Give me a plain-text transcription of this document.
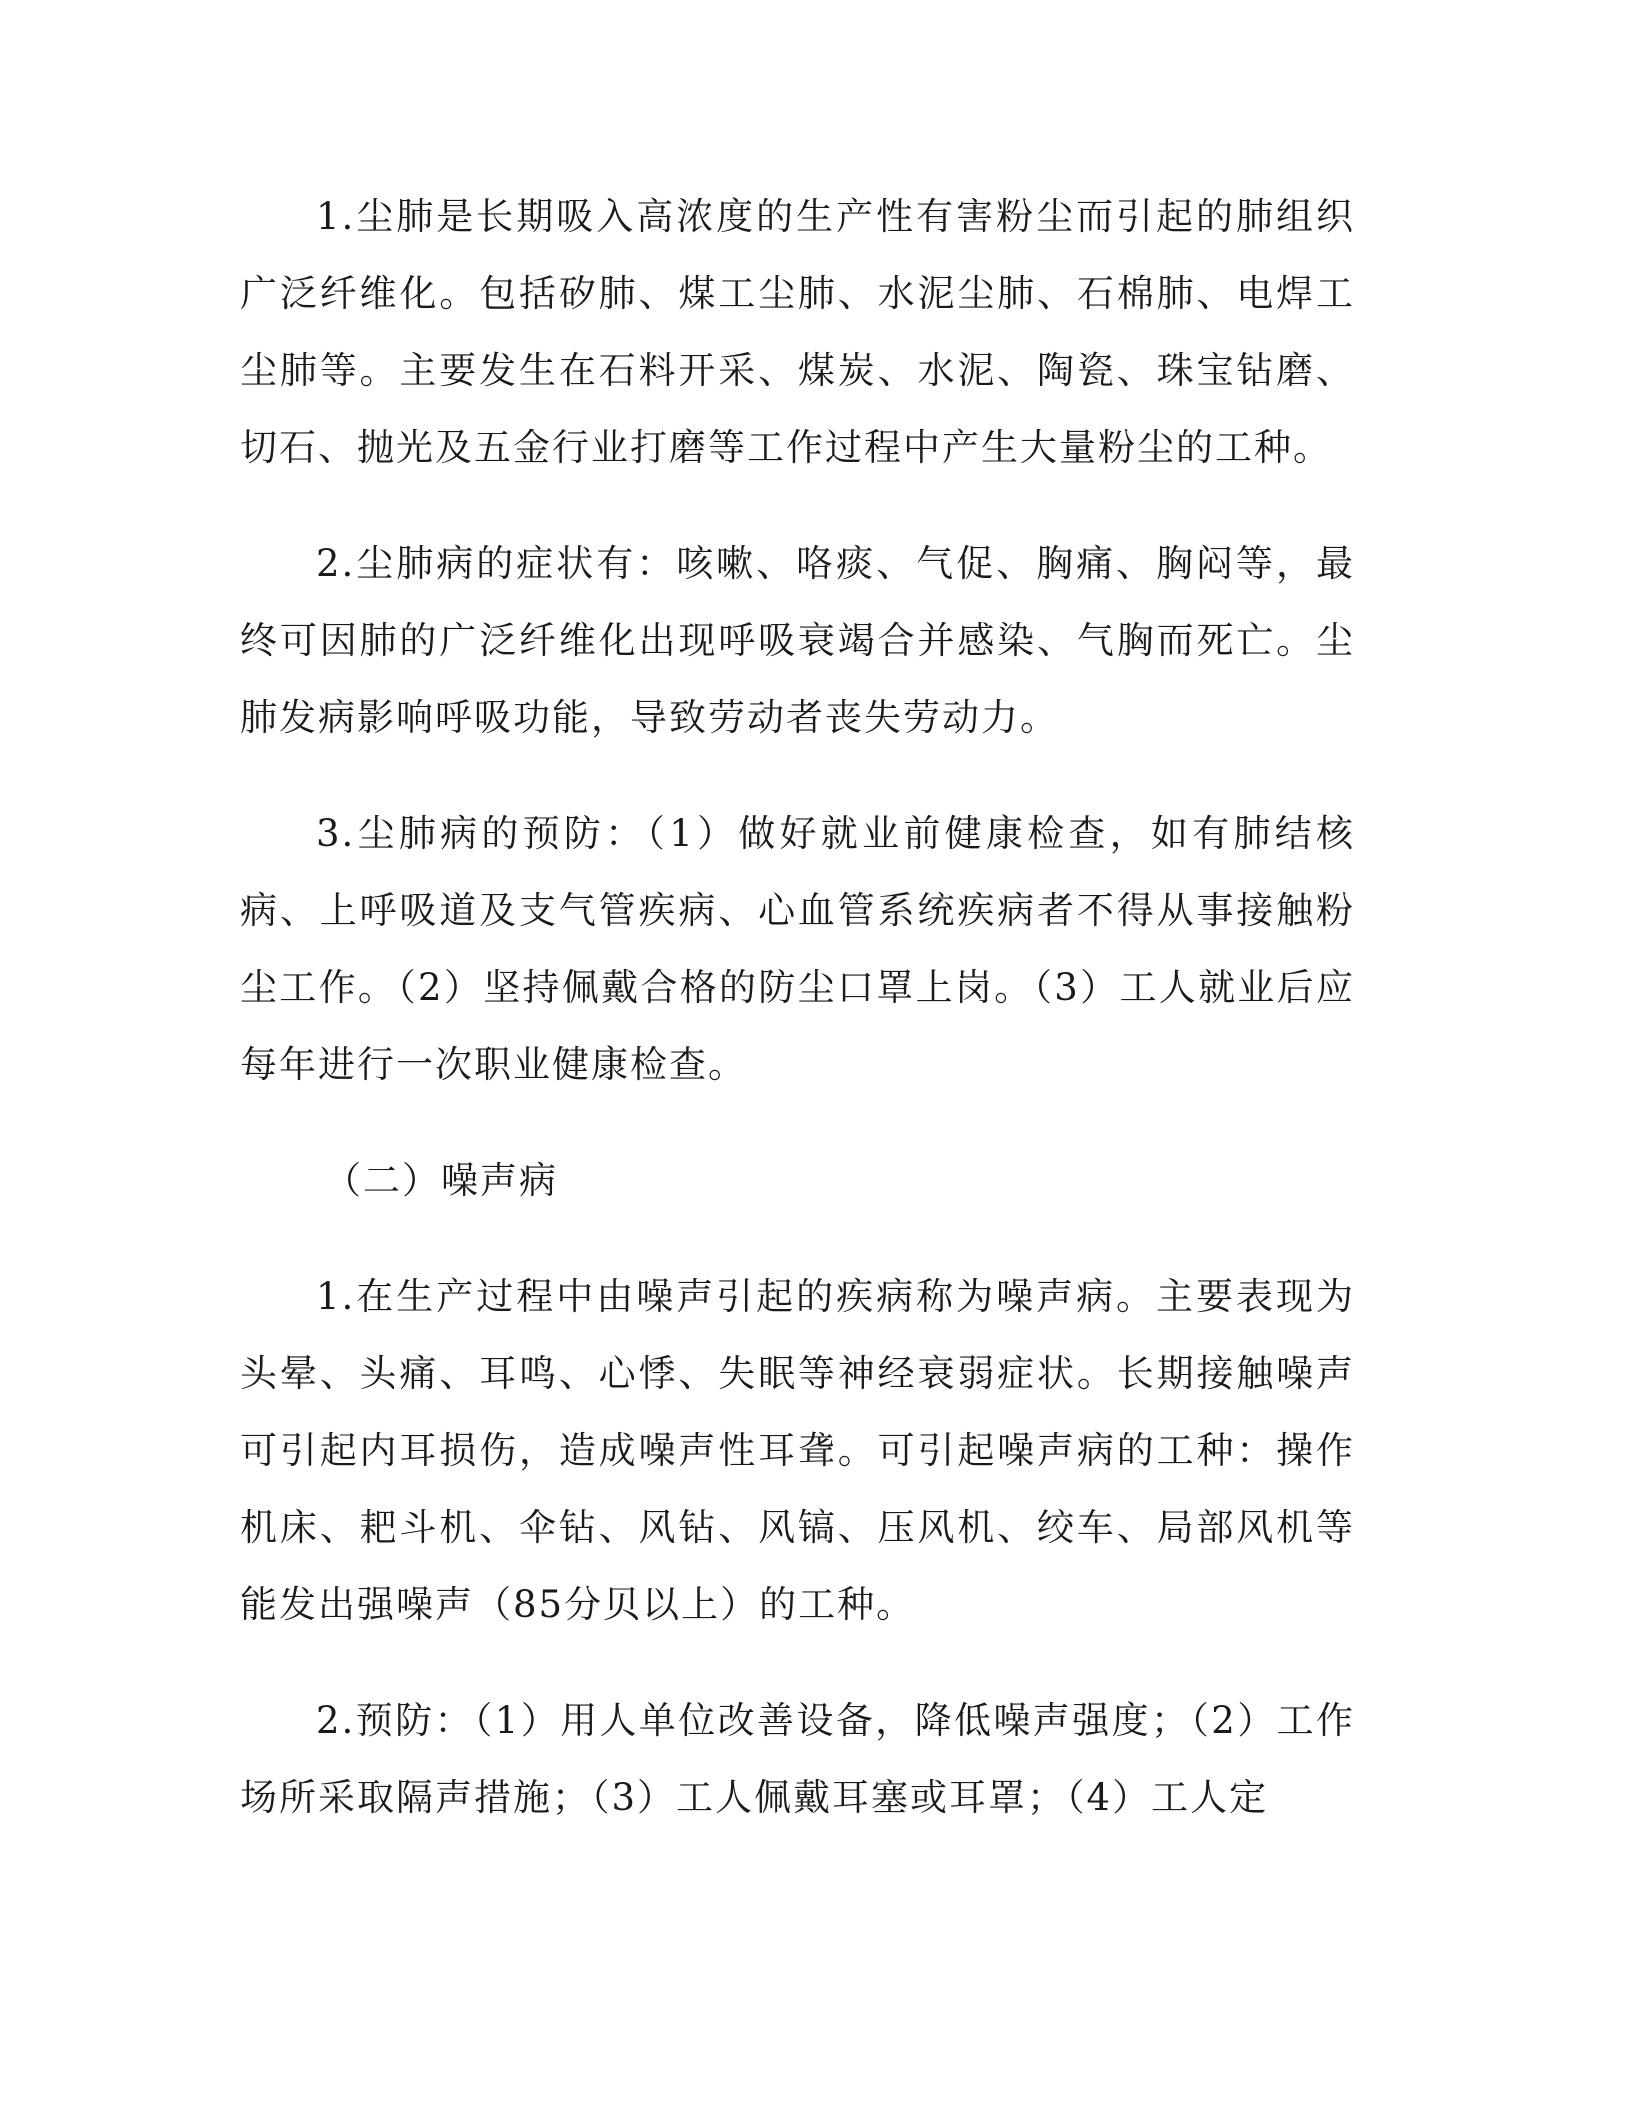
1.尘肺是长期吸入高浓度的生产性有害粉尘而引起的肺组织广泛纤维化。包括矽肺、煤工尘肺、水泥尘肺、石棉肺、电焊工尘肺等。主要发生在石料开采、煤炭、水泥、陶瓷、珠宝钻磨、切石、抛光及五金行业打磨等工作过程中产生大量粉尘的工种。

2.尘肺病的症状有：咳嗽、咯痰、气促、胸痛、胸闷等，最终可因肺的广泛纤维化出现呼吸衰竭合并感染、气胸而死亡。尘肺发病影响呼吸功能，导致劳动者丧失劳动力。

3.尘肺病的预防：（1）做好就业前健康检查，如有肺结核病、上呼吸道及支气管疾病、心血管系统疾病者不得从事接触粉尘工作。（2）坚持佩戴合格的防尘口罩上岗。（3）工人就业后应每年进行一次职业健康检查。

（二）噪声病

1.在生产过程中由噪声引起的疾病称为噪声病。主要表现为头晕、头痛、耳鸣、心悸、失眠等神经衰弱症状。长期接触噪声可引起内耳损伤，造成噪声性耳聋。可引起噪声病的工种：操作机床、耙斗机、伞钻、风钻、风镐、压风机、绞车、局部风机等能发出强噪声（85分贝以上）的工种。

2.预防：（1）用人单位改善设备，降低噪声强度；（2）工作场所采取隔声措施；（3）工人佩戴耳塞或耳罩；（4）工人定
